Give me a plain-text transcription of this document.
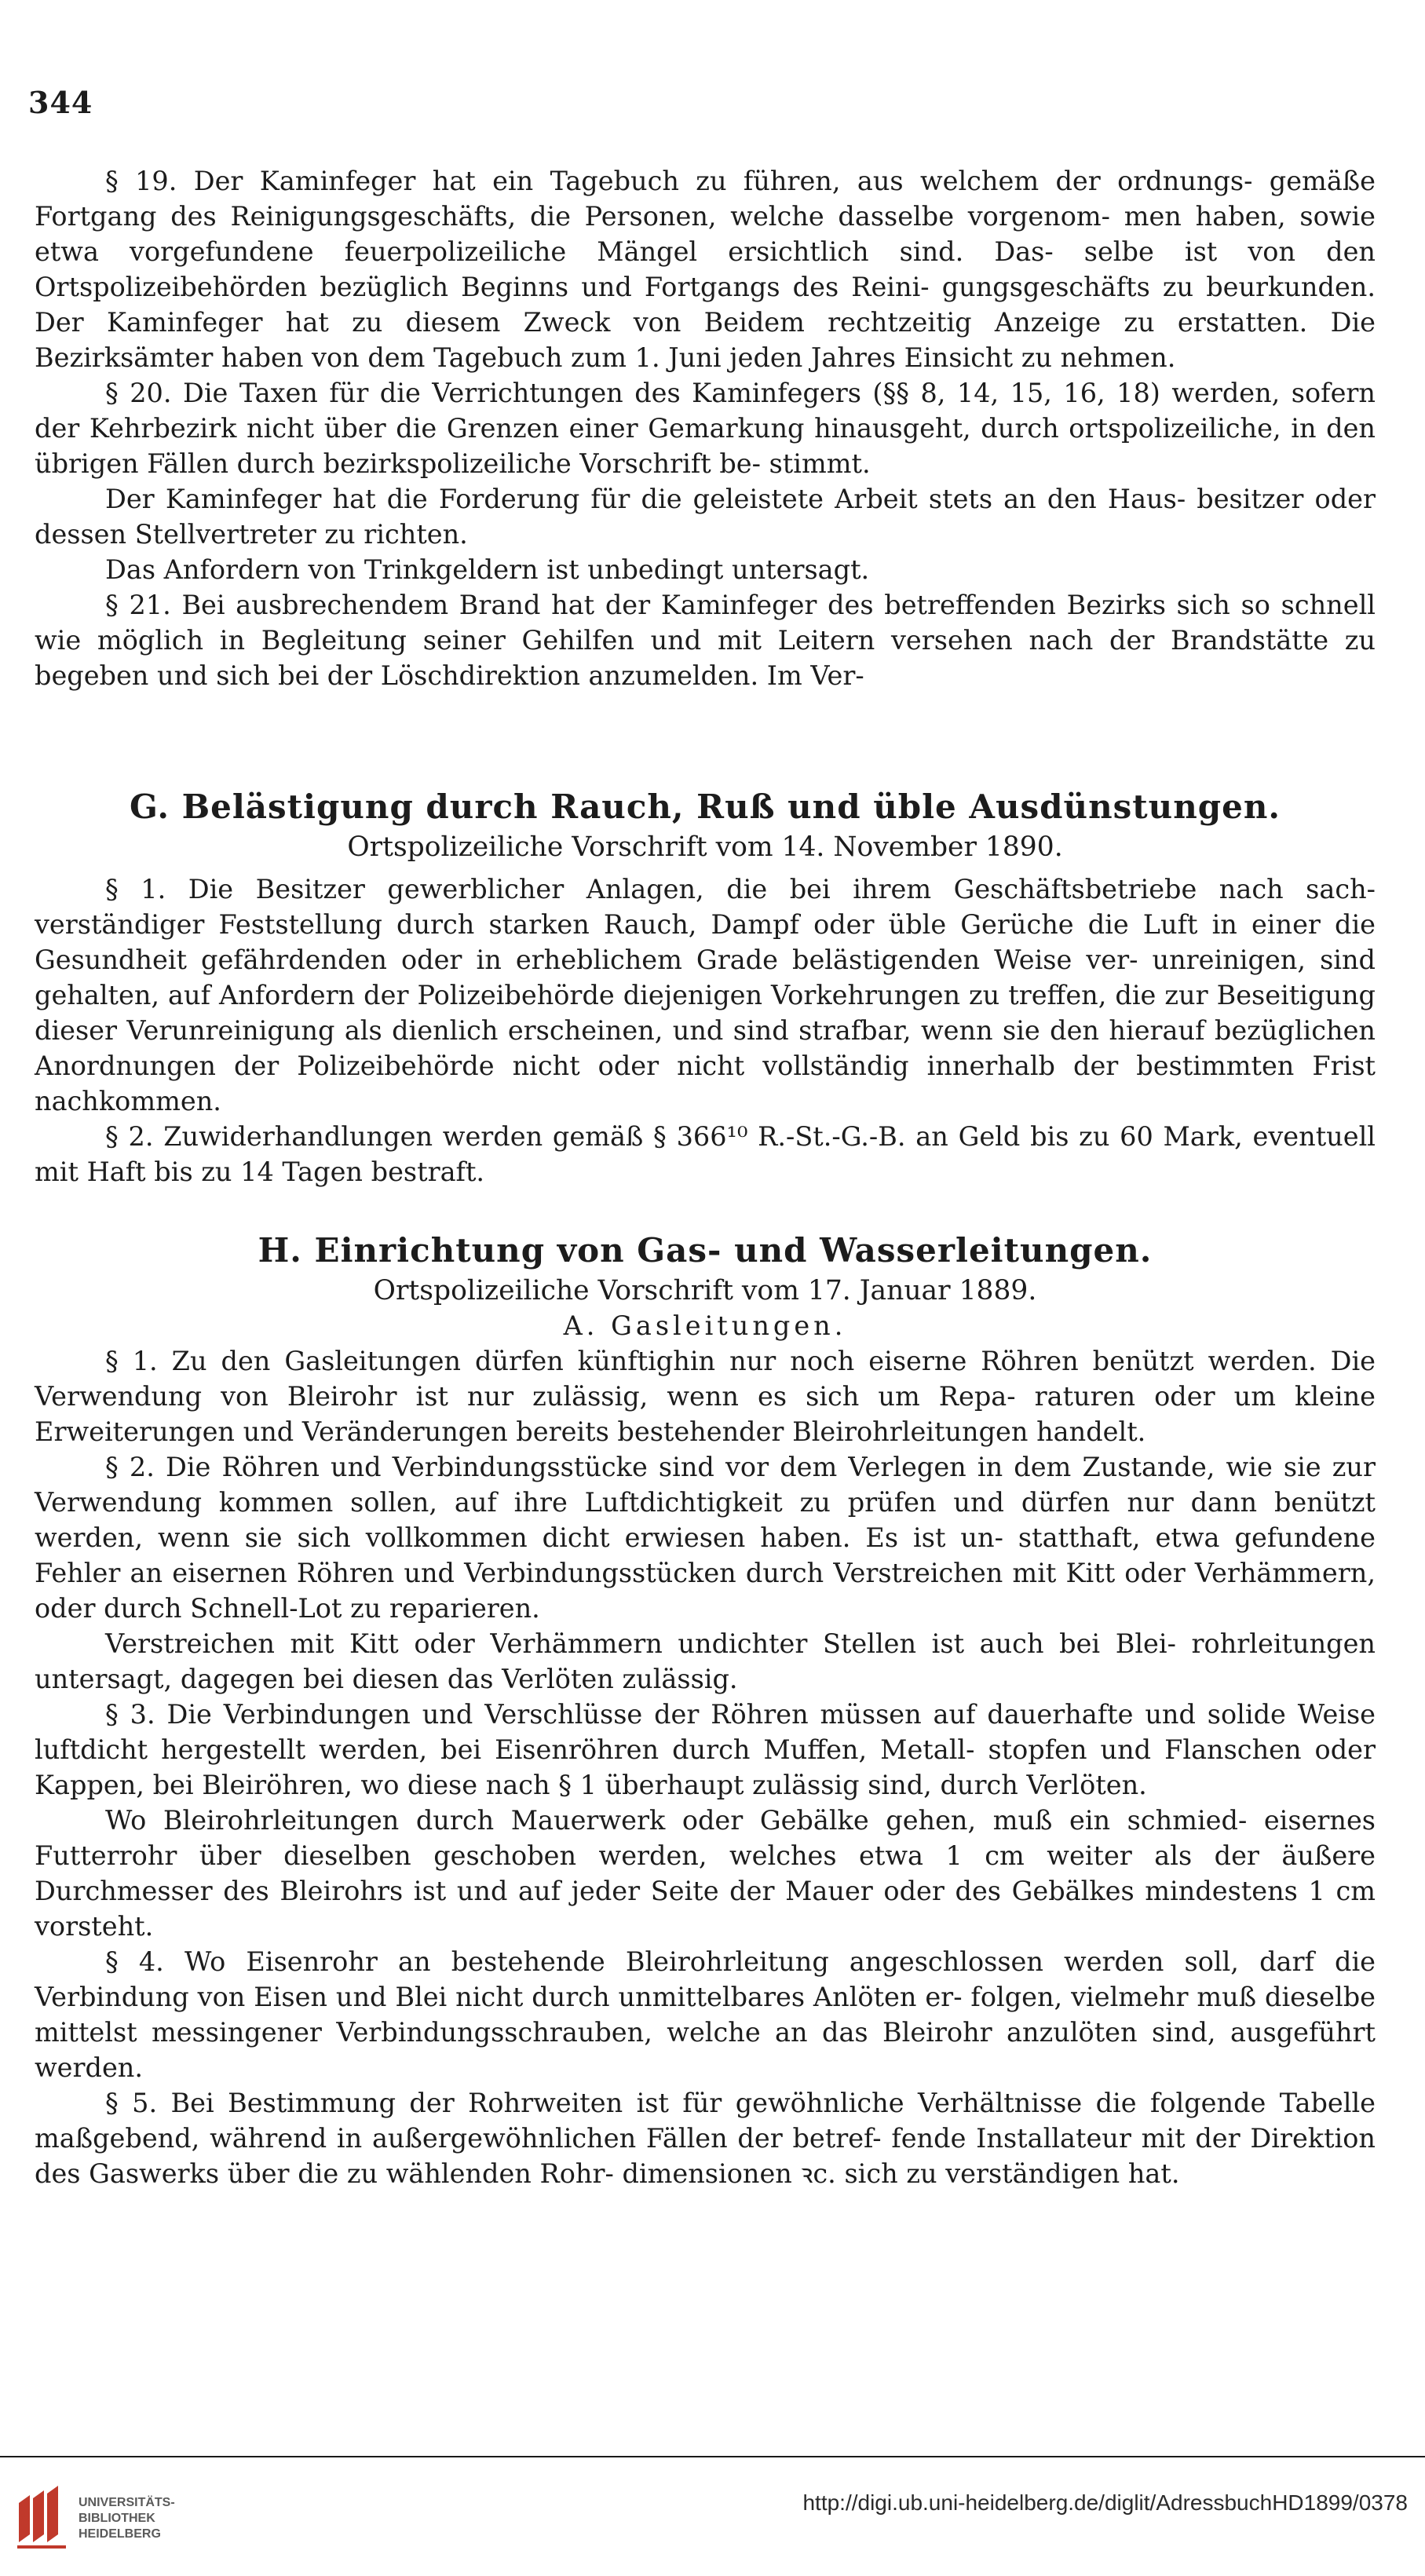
344

§ 19. Der Kaminfeger hat ein Tagebuch zu führen, aus welchem der ordnungs- gemäße Fortgang des Reinigungsgeschäfts, die Personen, welche dasselbe vorgenom- men haben, sowie etwa vorgefundene feuerpolizeiliche Mängel ersichtlich sind. Das- selbe ist von den Ortspolizeibehörden bezüglich Beginns und Fortgangs des Reini- gungsgeschäfts zu beurkunden. Der Kaminfeger hat zu diesem Zweck von Beidem rechtzeitig Anzeige zu erstatten. Die Bezirksämter haben von dem Tagebuch zum 1. Juni jeden Jahres Einsicht zu nehmen.

§ 20. Die Taxen für die Verrichtungen des Kaminfegers (§§ 8, 14, 15, 16, 18) werden, sofern der Kehrbezirk nicht über die Grenzen einer Gemarkung hinausgeht, durch ortspolizeiliche, in den übrigen Fällen durch bezirkspolizeiliche Vorschrift be- stimmt.

Der Kaminfeger hat die Forderung für die geleistete Arbeit stets an den Haus- besitzer oder dessen Stellvertreter zu richten.

Das Anfordern von Trinkgeldern ist unbedingt untersagt.

§ 21. Bei ausbrechendem Brand hat der Kaminfeger des betreffenden Bezirks sich so schnell wie möglich in Begleitung seiner Gehilfen und mit Leitern versehen nach der Brandstätte zu begeben und sich bei der Löschdirektion anzumelden. Im Ver-

G. Belästigung durch Rauch, Ruß und üble Ausdünstungen.

Ortspolizeiliche Vorschrift vom 14. November 1890.

§ 1. Die Besitzer gewerblicher Anlagen, die bei ihrem Geschäftsbetriebe nach sach- verständiger Feststellung durch starken Rauch, Dampf oder üble Gerüche die Luft in einer die Gesundheit gefährdenden oder in erheblichem Grade belästigenden Weise ver- unreinigen, sind gehalten, auf Anfordern der Polizeibehörde diejenigen Vorkehrungen zu treffen, die zur Beseitigung dieser Verunreinigung als dienlich erscheinen, und sind strafbar, wenn sie den hierauf bezüglichen Anordnungen der Polizeibehörde nicht oder nicht vollständig innerhalb der bestimmten Frist nachkommen.

§ 2. Zuwiderhandlungen werden gemäß § 366¹⁰ R.-St.-G.-B. an Geld bis zu 60 Mark, eventuell mit Haft bis zu 14 Tagen bestraft.

H. Einrichtung von Gas- und Wasserleitungen.

Ortspolizeiliche Vorschrift vom 17. Januar 1889.

A. Gasleitungen.

§ 1. Zu den Gasleitungen dürfen künftighin nur noch eiserne Röhren benützt werden. Die Verwendung von Bleirohr ist nur zulässig, wenn es sich um Repa- raturen oder um kleine Erweiterungen und Veränderungen bereits bestehender Bleirohrleitungen handelt.

§ 2. Die Röhren und Verbindungsstücke sind vor dem Verlegen in dem Zustande, wie sie zur Verwendung kommen sollen, auf ihre Luftdichtigkeit zu prüfen und dürfen nur dann benützt werden, wenn sie sich vollkommen dicht erwiesen haben. Es ist un- statthaft, etwa gefundene Fehler an eisernen Röhren und Verbindungsstücken durch Verstreichen mit Kitt oder Verhämmern, oder durch Schnell-Lot zu reparieren.

Verstreichen mit Kitt oder Verhämmern undichter Stellen ist auch bei Blei- rohrleitungen untersagt, dagegen bei diesen das Verlöten zulässig.

§ 3. Die Verbindungen und Verschlüsse der Röhren müssen auf dauerhafte und solide Weise luftdicht hergestellt werden, bei Eisenröhren durch Muffen, Metall- stopfen und Flanschen oder Kappen, bei Bleiröhren, wo diese nach § 1 überhaupt zulässig sind, durch Verlöten.

Wo Bleirohrleitungen durch Mauerwerk oder Gebälke gehen, muß ein schmied- eisernes Futterrohr über dieselben geschoben werden, welches etwa 1 cm weiter als der äußere Durchmesser des Bleirohrs ist und auf jeder Seite der Mauer oder des Gebälkes mindestens 1 cm vorsteht.

§ 4. Wo Eisenrohr an bestehende Bleirohrleitung angeschlossen werden soll, darf die Verbindung von Eisen und Blei nicht durch unmittelbares Anlöten er- folgen, vielmehr muß dieselbe mittelst messingener Verbindungsschrauben, welche an das Bleirohr anzulöten sind, ausgeführt werden.

§ 5. Bei Bestimmung der Rohrweiten ist für gewöhnliche Verhältnisse die folgende Tabelle maßgebend, während in außergewöhnlichen Fällen der betref- fende Installateur mit der Direktion des Gaswerks über die zu wählenden Rohr- dimensionen ꝛc. sich zu verständigen hat.

UNIVERSITÄTS-
BIBLIOTHEK
HEIDELBERG
http://digi.ub.uni-heidelberg.de/diglit/AdressbuchHD1899/0378
